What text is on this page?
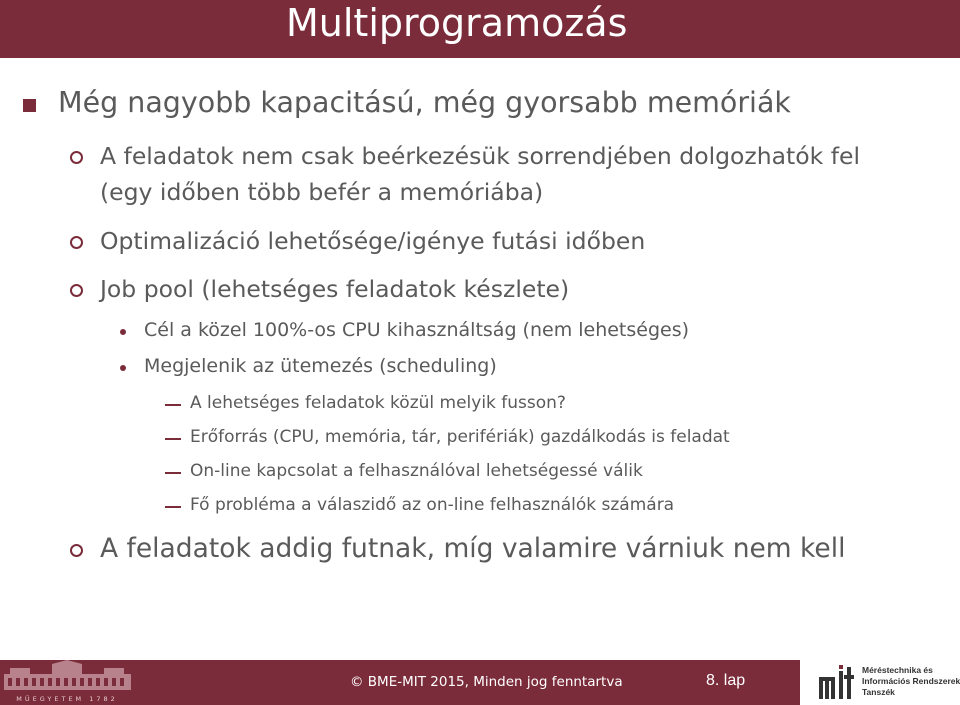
Multiprogramozás
Még nagyobb kapacitású, még gyorsabb memóriák
A feladatok nem csak beérkezésük sorrendjében dolgozhatók fel
(egy időben több befér a memóriába)
Optimalizáció lehetősége/igénye futási időben
Job pool (lehetséges feladatok készlete)
Cél a közel 100%-os CPU kihasználtság (nem lehetséges)
Megjelenik az ütemezés (scheduling)
A lehetséges feladatok közül melyik fusson?
Erőforrás (CPU, memória, tár, perifériák) gazdálkodás is feladat
On-line kapcsolat a felhasználóval lehetségessé válik
Fő probléma a válaszidő az on-line felhasználók számára
A feladatok addig futnak, míg valamire várniuk nem kell
MŰEGYETEM 1782
© BME-MIT 2015, Minden jog fenntartva	8. lap
Méréstechnika és
Információs Rendszerek
Tanszék
